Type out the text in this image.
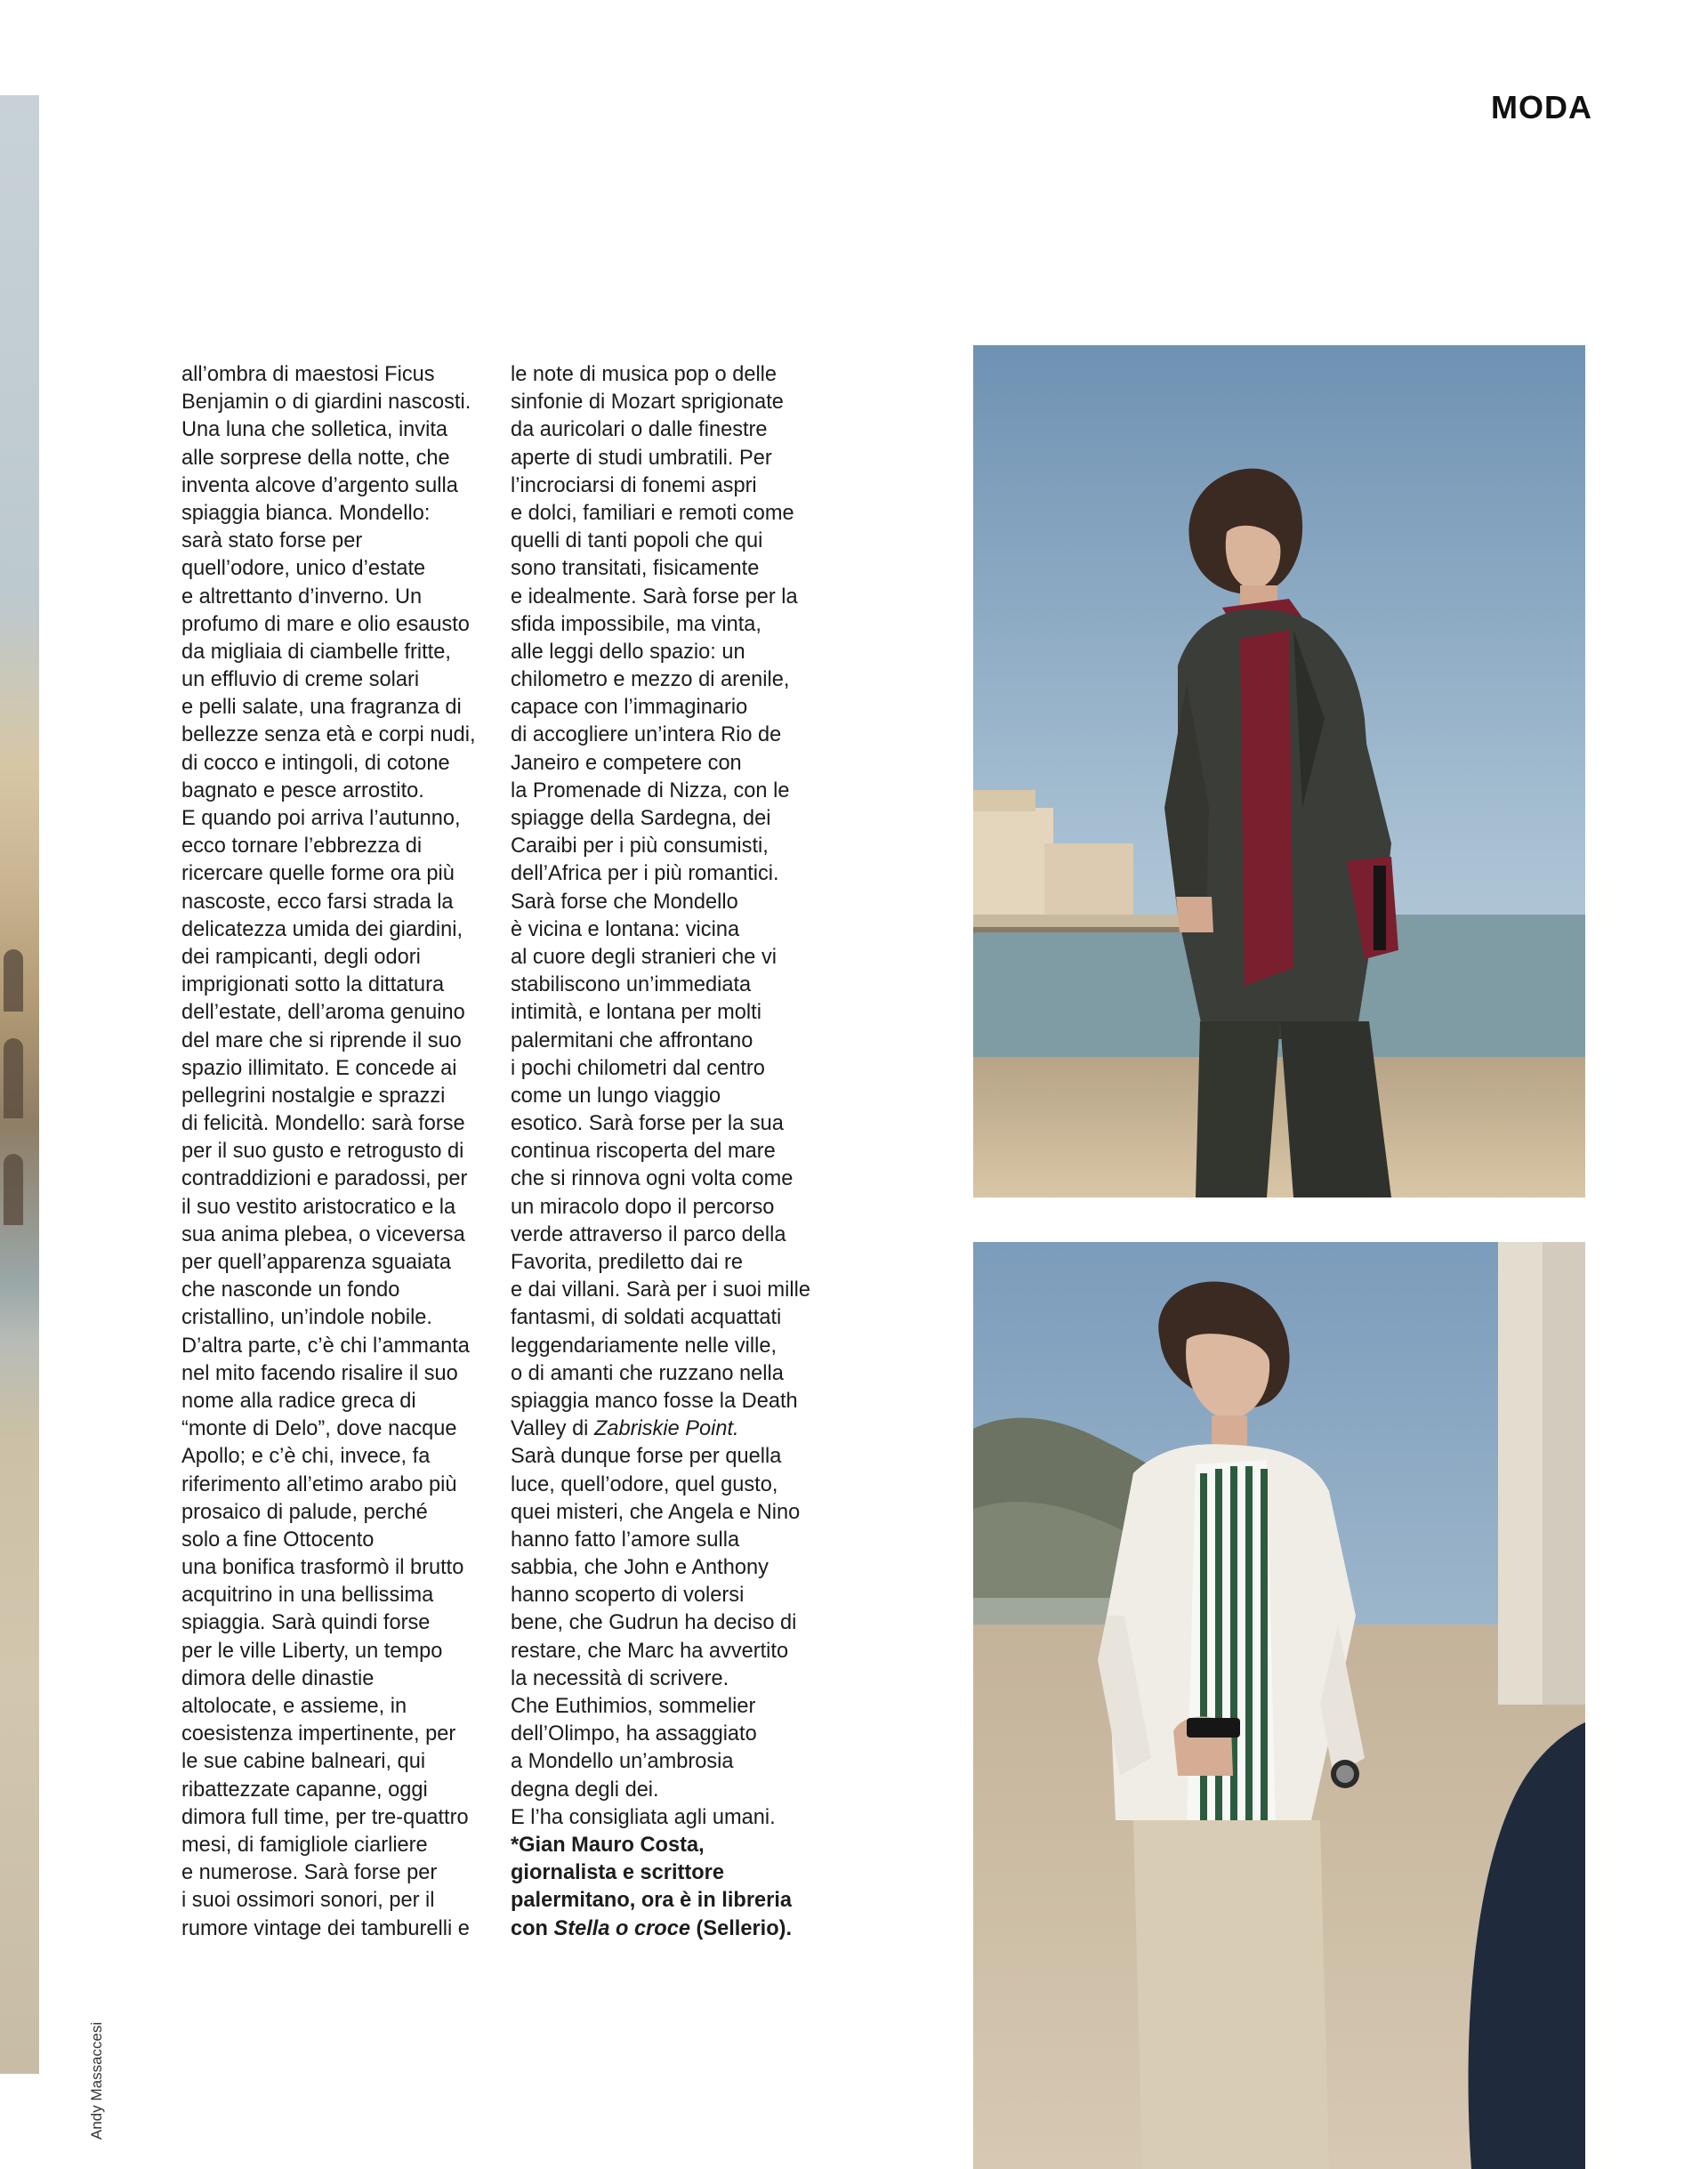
MODA
Andy Massaccesi
all’ombra di maestosi Ficus
Benjamin o di giardini nascosti.
Una luna che solletica, invita
alle sorprese della notte, che
inventa alcove d’argento sulla
spiaggia bianca. Mondello:
sarà stato forse per
quell’odore, unico d’estate
e altrettanto d’inverno. Un
profumo di mare e olio esausto
da migliaia di ciambelle fritte,
un effluvio di creme solari
e pelli salate, una fragranza di
bellezze senza età e corpi nudi,
di cocco e intingoli, di cotone
bagnato e pesce arrostito.
E quando poi arriva l’autunno,
ecco tornare l’ebbrezza di
ricercare quelle forme ora più
nascoste, ecco farsi strada la
delicatezza umida dei giardini,
dei rampicanti, degli odori
imprigionati sotto la dittatura
dell’estate, dell’aroma genuino
del mare che si riprende il suo
spazio illimitato. E concede ai
pellegrini nostalgie e sprazzi
di felicità. Mondello: sarà forse
per il suo gusto e retrogusto di
contraddizioni e paradossi, per
il suo vestito aristocratico e la
sua anima plebea, o viceversa
per quell’apparenza sguaiata
che nasconde un fondo
cristallino, un’indole nobile.
D’altra parte, c’è chi l’ammanta
nel mito facendo risalire il suo
nome alla radice greca di
“monte di Delo”, dove nacque
Apollo; e c’è chi, invece, fa
riferimento all’etimo arabo più
prosaico di palude, perché
solo a fine Ottocento
una bonifica trasformò il brutto
acquitrino in una bellissima
spiaggia. Sarà quindi forse
per le ville Liberty, un tempo
dimora delle dinastie
altolocate, e assieme, in
coesistenza impertinente, per
le sue cabine balneari, qui
ribattezzate capanne, oggi
dimora full time, per tre-quattro
mesi, di famigliole ciarliere
e numerose. Sarà forse per
i suoi ossimori sonori, per il
rumore vintage dei tamburelli e
le note di musica pop o delle
sinfonie di Mozart sprigionate
da auricolari o dalle finestre
aperte di studi umbratili. Per
l’incrociarsi di fonemi aspri
e dolci, familiari e remoti come
quelli di tanti popoli che qui
sono transitati, fisicamente
e idealmente. Sarà forse per la
sfida impossibile, ma vinta,
alle leggi dello spazio: un
chilometro e mezzo di arenile,
capace con l’immaginario
di accogliere un’intera Rio de
Janeiro e competere con
la Promenade di Nizza, con le
spiagge della Sardegna, dei
Caraibi per i più consumisti,
dell’Africa per i più romantici.
Sarà forse che Mondello
è vicina e lontana: vicina
al cuore degli stranieri che vi
stabiliscono un’immediata
intimità, e lontana per molti
palermitani che affrontano
i pochi chilometri dal centro
come un lungo viaggio
esotico. Sarà forse per la sua
continua riscoperta del mare
che si rinnova ogni volta come
un miracolo dopo il percorso
verde attraverso il parco della
Favorita, prediletto dai re
e dai villani. Sarà per i suoi mille
fantasmi, di soldati acquattati
leggendariamente nelle ville,
o di amanti che ruzzano nella
spiaggia manco fosse la Death
Valley di Zabriskie Point.
Sarà dunque forse per quella
luce, quell’odore, quel gusto,
quei misteri, che Angela e Nino
hanno fatto l’amore sulla
sabbia, che John e Anthony
hanno scoperto di volersi
bene, che Gudrun ha deciso di
restare, che Marc ha avvertito
la necessità di scrivere.
Che Euthimios, sommelier
dell’Olimpo, ha assaggiato
a Mondello un’ambrosia
degna degli dei.
E l’ha consigliata agli umani.
*Gian Mauro Costa,
giornalista e scrittore
palermitano, ora è in libreria
con Stella o croce (Sellerio).
